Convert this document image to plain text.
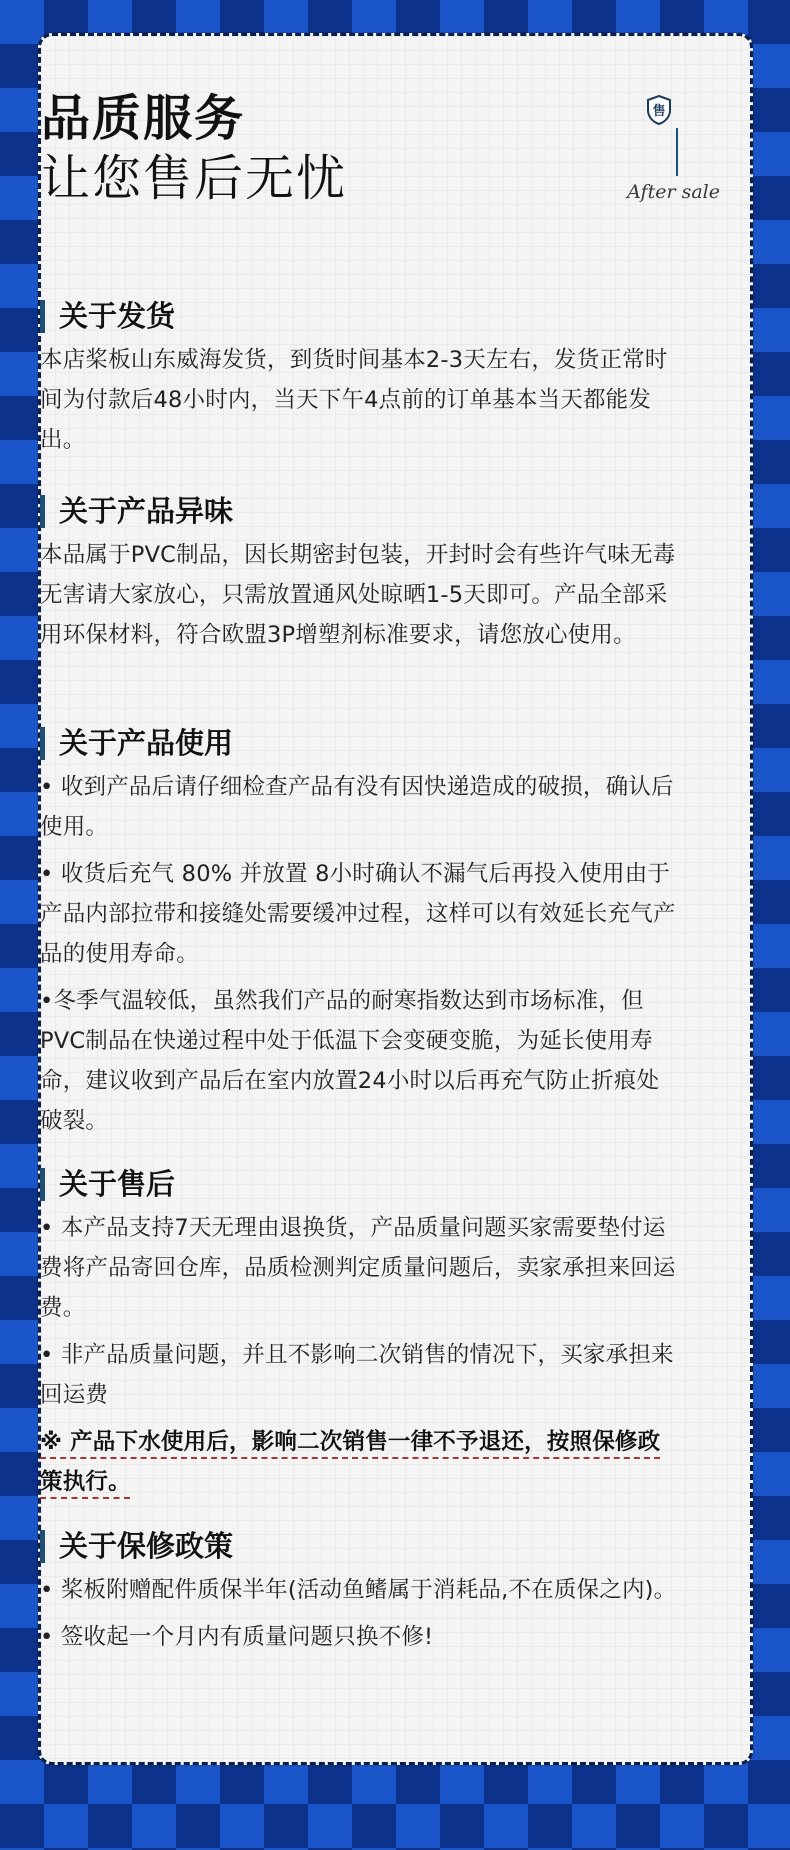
品质服务
让您售后无忧
售
After sale
关于发货

本店桨板山东威海发货，到货时间基本2-3天左右，发货正常时间为付款后48小时内，当天下午4点前的订单基本当天都能发出。

关于产品异味

本品属于PVC制品，因长期密封包装，开封时会有些许气味无毒无害请大家放心，只需放置通风处晾晒1-5天即可。产品全部采用环保材料，符合欧盟3P增塑剂标准要求，请您放心使用。

关于产品使用

• 收到产品后请仔细检查产品有没有因快递造成的破损，确认后使用。

• 收货后充气 80% 并放置 8小时确认不漏气后再投入使用由于产品内部拉带和接缝处需要缓冲过程，这样可以有效延长充气产品的使用寿命。

•冬季气温较低，虽然我们产品的耐寒指数达到市场标准，但PVC制品在快递过程中处于低温下会变硬变脆，为延长使用寿命，建议收到产品后在室内放置24小时以后再充气防止折痕处破裂。

关于售后

• 本产品支持7天无理由退换货，产品质量问题买家需要垫付运费将产品寄回仓库，品质检测判定质量问题后，卖家承担来回运费。

• 非产品质量问题，并且不影响二次销售的情况下，买家承担来回运费

※ 产品下水使用后，影响二次销售一律不予退还，按照保修政策执行。

关于保修政策

• 桨板附赠配件质保半年(活动鱼鳍属于消耗品,不在质保之内)。

• 签收起一个月内有质量问题只换不修!
